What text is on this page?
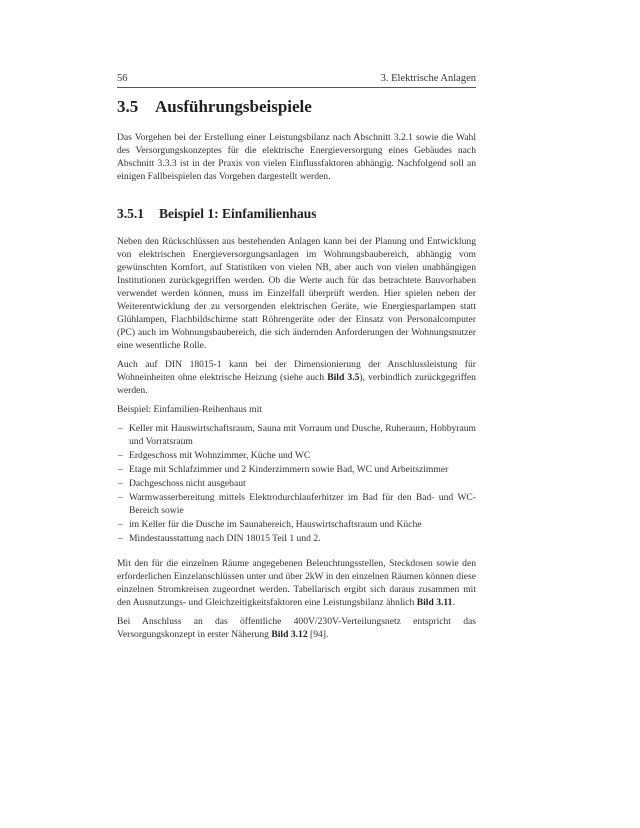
56	3. Elektrische Anlagen
3.5 Ausführungsbeispiele

Das Vorgehen bei der Erstellung einer Leistungsbilanz nach Abschnitt 3.2.1 sowie die Wahl des Versorgungskonzeptes für die elektrische Energieversorgung eines Gebäudes nach Abschnitt 3.3.3 ist in der Praxis von vielen Einflussfaktoren abhängig. Nachfolgend soll an einigen Fallbeispielen das Vorgehen dargestellt werden.

3.5.1 Beispiel 1: Einfamilienhaus

Neben den Rückschlüssen aus bestehenden Anlagen kann bei der Planung und Entwicklung von elektrischen Energieversorgungsanlagen im Wohnungsbaubereich, abhängig vom gewünschten Komfort, auf Statistiken von vielen NB, aber auch von vielen unabhängigen Institutionen zurückgegriffen werden. Ob die Werte auch für das betrachtete Bauvorhaben verwendet werden können, muss im Einzelfall überprüft werden. Hier spielen neben der Weiterentwicklung der zu versorgenden elektrischen Geräte, wie Energiesparlampen statt Glühlampen, Flachbildschirme statt Röhrengeräte oder der Einsatz von Personalcomputer (PC) auch im Wohnungsbaubereich, die sich ändernden Anforderungen der Wohnungsnutzer eine wesentliche Rolle.

Auch auf DIN 18015-1 kann bei der Dimensionierung der Anschlussleistung für Wohneinheiten ohne elektrische Heizung (siehe auch Bild 3.5), verbindlich zurückgegriffen werden.

Beispiel: Einfamilien-Reihenhaus mit

– Keller mit Hauswirtschaftsraum, Sauna mit Vorraum und Dusche, Ruheraum, Hobbyraum und Vorratsraum
– Erdgeschoss mit Wohnzimmer, Küche und WC
– Etage mit Schlafzimmer und 2 Kinderzimmern sowie Bad, WC und Arbeitszimmer
– Dachgeschoss nicht ausgebaut
– Warmwasserbereitung mittels Elektrodurchlauferhitzer im Bad für den Bad- und WC-Bereich sowie
– im Keller für die Dusche im Saunabereich, Hauswirtschaftsraum und Küche
– Mindestausstattung nach DIN 18015 Teil 1 und 2.

Mit den für die einzelnen Räume angegebenen Beleuchtungsstellen, Steckdosen sowie den erforderlichen Einzelanschlüssen unter und über 2kW in den einzelnen Räumen können diese einzelnen Stromkreisen zugeordnet werden. Tabellarisch ergibt sich daraus zusammen mit den Ausnutzungs- und Gleichzeitigkeitsfaktoren eine Leistungsbilanz ähnlich Bild 3.11.

Bei Anschluss an das öffentliche 400V/230V-Verteilungsnetz entspricht das Versorgungskonzept in erster Näherung Bild 3.12 [94].
